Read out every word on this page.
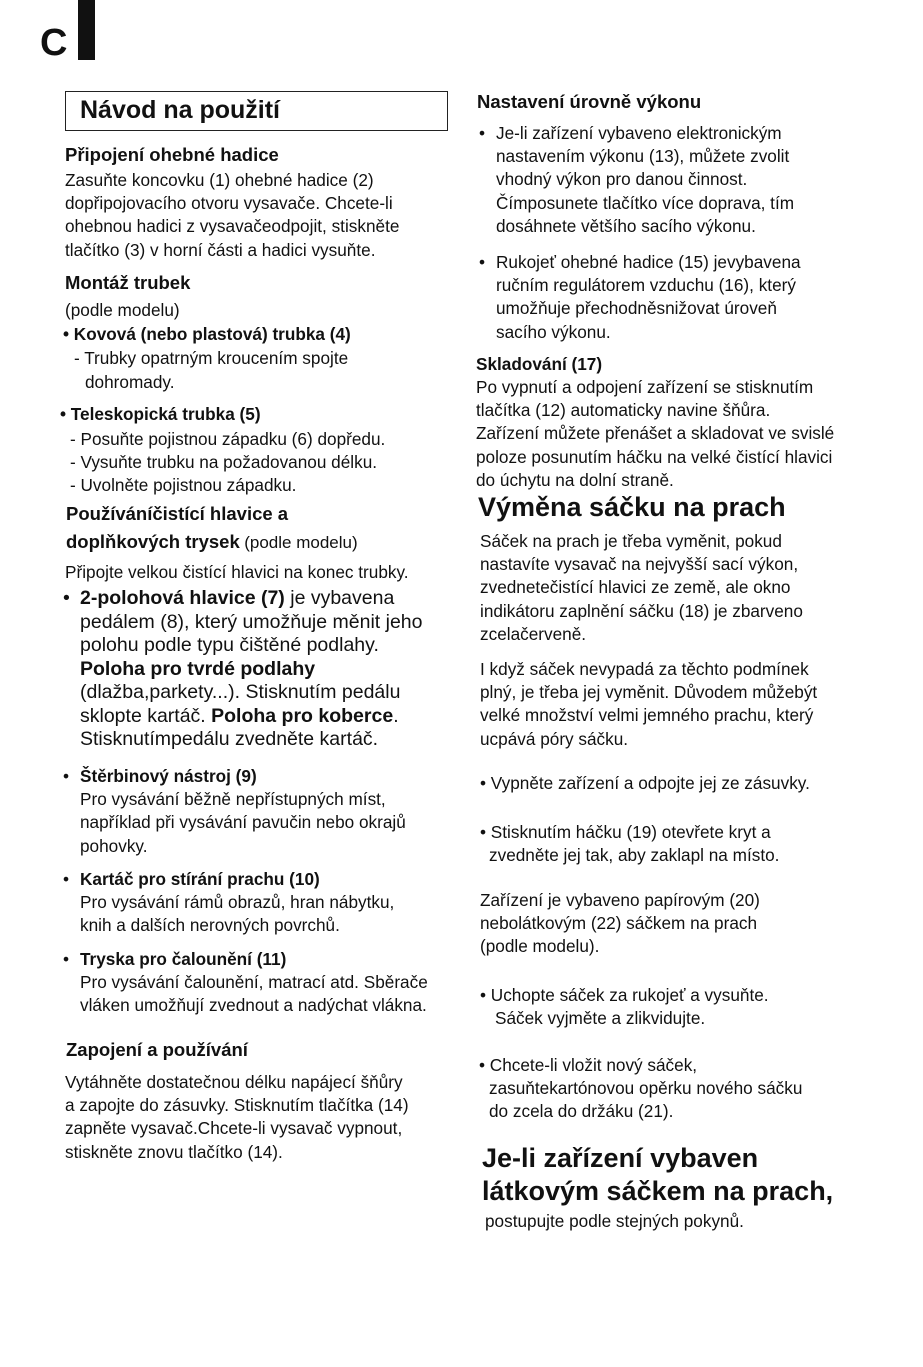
C
Návod na použití
Připojení ohebné hadice
Zasuňte koncovku (1) ohebné hadice (2)
dopřipojovacího otvoru vysavače. Chcete-li
ohebnou hadici z vysavačeodpojit, stiskněte
tlačítko (3) v horní části a hadici vysuňte.
Montáž trubek
(podle modelu)
• Kovová (nebo plastová) trubka (4)
- Trubky opatrným kroucením spojte
dohromady.
• Teleskopická trubka (5)
- Posuňte pojistnou západku (6) dopředu.
- Vysuňte trubku na požadovanou délku.
- Uvolněte pojistnou západku.
Používáníčistící hlavice a
doplňkových trysek (podle modelu)
Připojte velkou čistící hlavici na konec trubky.
• 2-polohová hlavice (7) je vybavena
pedálem (8), který umožňuje měnit jeho
polohu podle typu čištěné podlahy.
Poloha pro tvrdé podlahy
(dlažba,parkety...). Stisknutím pedálu
sklopte kartáč. Poloha pro koberce.
Stisknutímpedálu zvedněte kartáč.
• Štěrbinový nástroj (9)
Pro vysávání běžně nepřístupných míst,
například při vysávání pavučin nebo okrajů
pohovky.
• Kartáč pro stírání prachu (10)
Pro vysávání rámů obrazů, hran nábytku,
knih a dalších nerovných povrchů.
• Tryska pro čalounění (11)
Pro vysávání čalounění, matrací atd. Sběrače
vláken umožňují zvednout a nadýchat vlákna.
Zapojení a používání
Vytáhněte dostatečnou délku napájecí šňůry
a zapojte do zásuvky. Stisknutím tlačítka (14)
zapněte vysavač.Chcete-li vysavač vypnout,
stiskněte znovu tlačítko (14).
Nastavení úrovně výkonu
• Je-li zařízení vybaveno elektronickým
nastavením výkonu (13), můžete zvolit
vhodný výkon pro danou činnost.
Čímposunete tlačítko více doprava, tím
dosáhnete většího sacího výkonu.
• Rukojeť ohebné hadice (15) jevybavena
ručním regulátorem vzduchu (16), který
umožňuje přechodněsnižovat úroveň
sacího výkonu.
Skladování (17)
Po vypnutí a odpojení zařízení se stisknutím
tlačítka (12) automaticky navine šňůra.
Zařízení můžete přenášet a skladovat ve svislé
poloze posunutím háčku na velké čistící hlavici
do úchytu na dolní straně.
Výměna sáčku na prach
Sáček na prach je třeba vyměnit, pokud
nastavíte vysavač na nejvyšší sací výkon,
zvednetečistící hlavici ze země, ale okno
indikátoru zaplnění sáčku (18) je zbarveno
zcelačerveně.
I když sáček nevypadá za těchto podmínek
plný, je třeba jej vyměnit. Důvodem můžebýt
velké množství velmi jemného prachu, který
ucpává póry sáčku.
• Vypněte zařízení a odpojte jej ze zásuvky.
• Stisknutím háčku (19) otevřete kryt a
zvedněte jej tak, aby zaklapl na místo.
Zařízení je vybaveno papírovým (20)
nebolátkovým (22) sáčkem na prach
(podle modelu).
• Uchopte sáček za rukojeť a vysuňte.
Sáček vyjměte a zlikvidujte.
• Chcete-li vložit nový sáček,
zasuňtekartónovou opěrku nového sáčku
do zcela do držáku (21).
Je-li zařízení vybaven
látkovým sáčkem na prach,
postupujte podle stejných pokynů.
